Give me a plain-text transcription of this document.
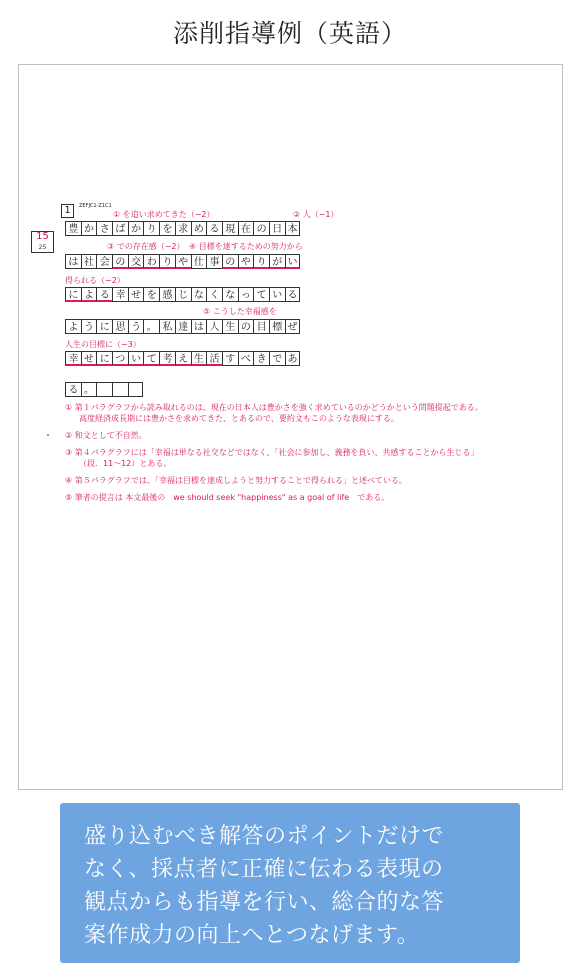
添削指導例（英語）
15
25
1	ZEFJC1-Z1C1
① を追い求めてきた（−2）	② 人（−1）
豊 か さ ば か り を 求 め る 現 在 の 日 本
③ での存在感（−2） ④ 目標を達するための努力から
は 社 会 の 交 わ り や 仕 事 の や り が い
得られる（−2）
に よ る 幸 せ を 感 じ な く な っ て い る
⑤ こうした幸福感を
よ う に 思 う 。 私 達 は 人 生 の 目 標 ぜ
人生の目標に（−3）
幸 せ に つ い て 考 え 生 活 す べ き で あ
る 。
① 第１パラグラフから読み取れるのは、現在の日本人は豊かさを強く求めているのかどうかという問題提起である。
高度経済成長期には豊かさを求めてきた、とあるので、要約文もこのような表現にする。
② 和文として不自然。
③ 第４パラグラフには「幸福は単なる社交などではなく、「社会に参加し、義務を負い、共感することから生じる」
（段．11〜12）とある。
④ 第５パラグラフでは、「幸福は目標を達成しようと努力することで得られる」と述べている。
⑤ 筆者の提言は 本文最後の　we should seek "happiness" as a goal of life　である。
盛り込むべき解答のポイントだけで
なく、採点者に正確に伝わる表現の
観点からも指導を行い、総合的な答
案作成力の向上へとつなげます。
